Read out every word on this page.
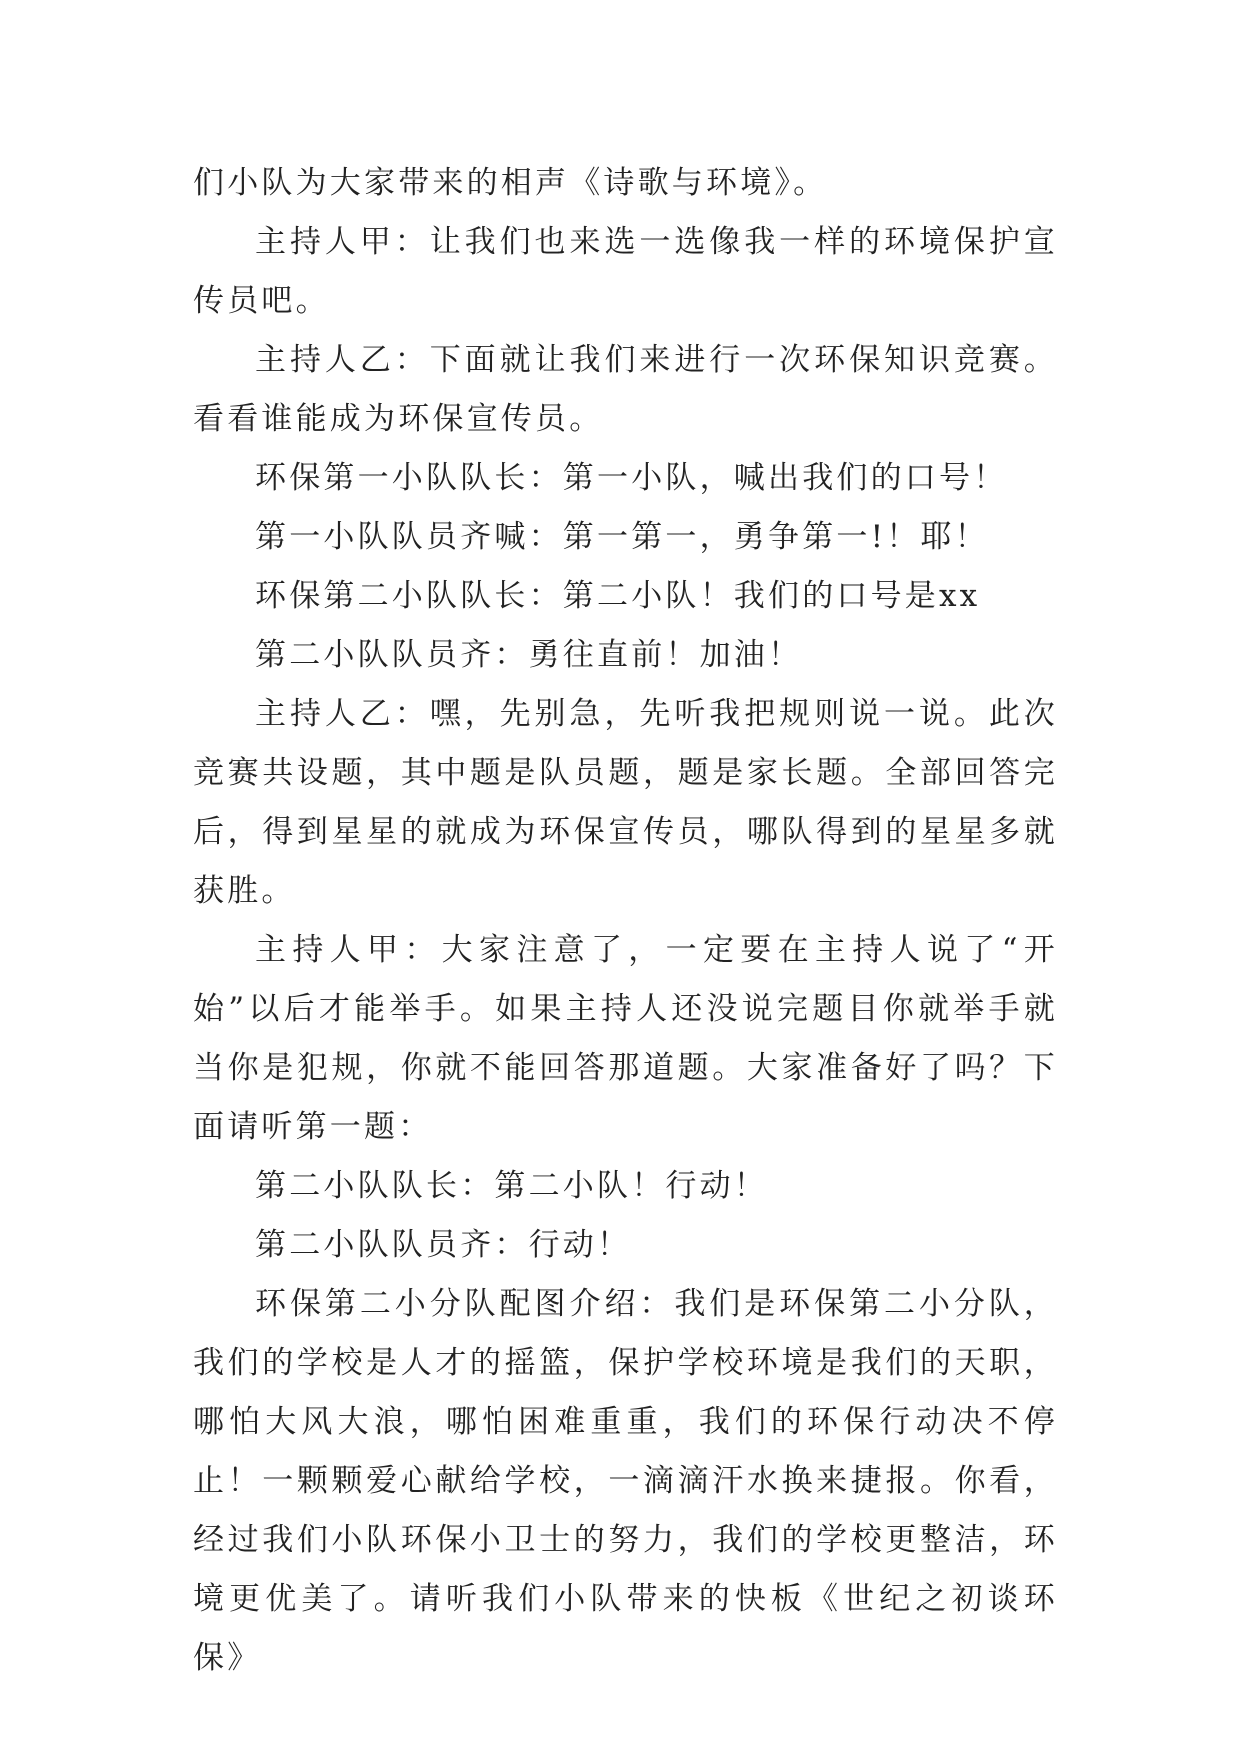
们小队为大家带来的相声《诗歌与环境》。

主持人甲：让我们也来选一选像我一样的环境保护宣传员吧。

主持人乙：下面就让我们来进行一次环保知识竞赛。看看谁能成为环保宣传员。

环保第一小队队长：第一小队，喊出我们的口号！

第一小队队员齐喊：第一第一，勇争第一!！耶！

环保第二小队队长：第二小队！我们的口号是xx

第二小队队员齐：勇往直前！加油！

主持人乙：嘿，先别急，先听我把规则说一说。此次竞赛共设题，其中题是队员题，题是家长题。全部回答完后，得到星星的就成为环保宣传员，哪队得到的星星多就获胜。

主持人甲：大家注意了，一定要在主持人说了“开始”以后才能举手。如果主持人还没说完题目你就举手就当你是犯规，你就不能回答那道题。大家准备好了吗？下面请听第一题：

第二小队队长：第二小队！行动！

第二小队队员齐：行动！

环保第二小分队配图介绍：我们是环保第二小分队，我们的学校是人才的摇篮，保护学校环境是我们的天职，哪怕大风大浪，哪怕困难重重，我们的环保行动决不停止！一颗颗爱心献给学校，一滴滴汗水换来捷报。你看，经过我们小队环保小卫士的努力，我们的学校更整洁，环境更优美了。请听我们小队带来的快板《世纪之初谈环保》
